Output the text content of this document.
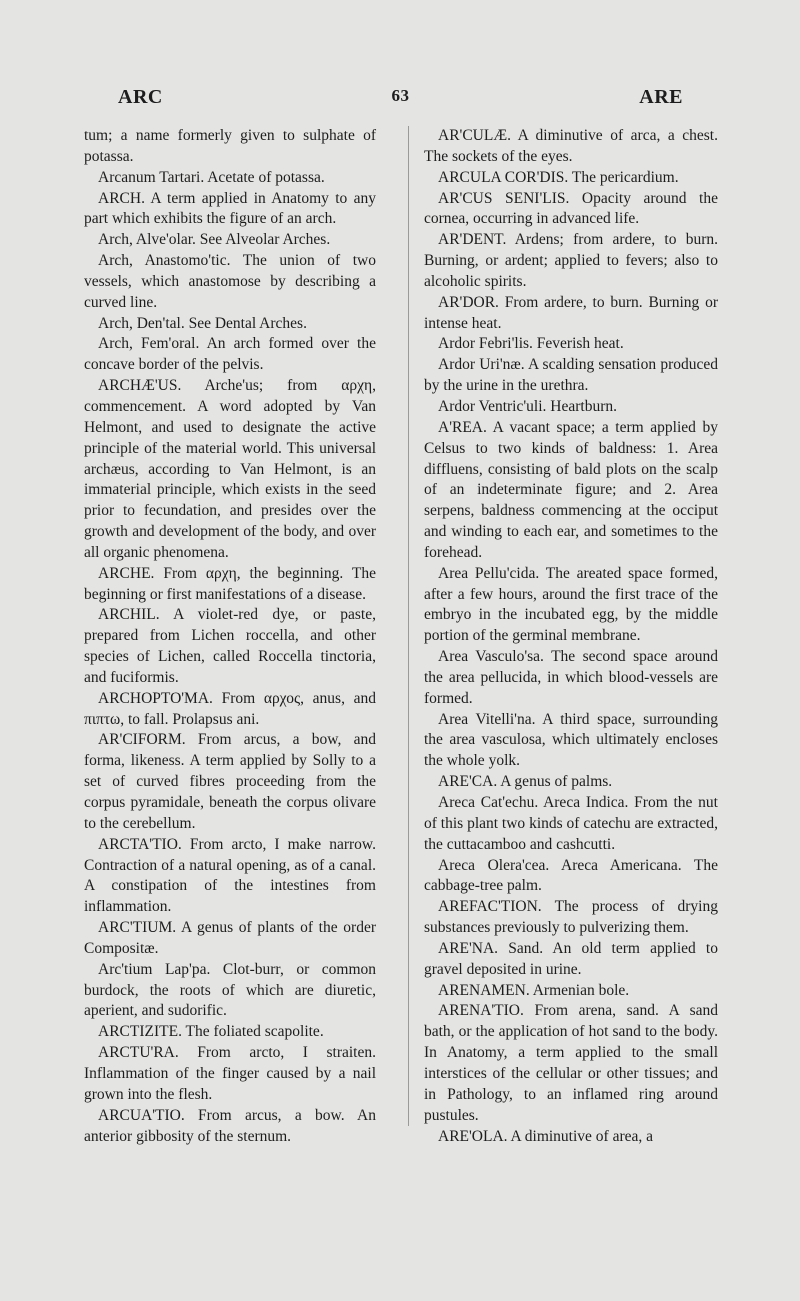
ARC	63	ARE

tum; a name formerly given to sulphate of potassa.

Arcanum Tartari. Acetate of potassa.

ARCH. A term applied in Anatomy to any part which exhibits the figure of an arch.

Arch, Alve'olar. See Alveolar Arches.

Arch, Anastomo'tic. The union of two vessels, which anastomose by describing a curved line.

Arch, Den'tal. See Dental Arches.

Arch, Fem'oral. An arch formed over the concave border of the pelvis.

ARCHÆ'US. Arche'us; from αρχη, commencement. A word adopted by Van Helmont, and used to designate the active principle of the material world. This universal archæus, according to Van Helmont, is an immaterial principle, which exists in the seed prior to fecundation, and presides over the growth and development of the body, and over all organic phenomena.

ARCHE. From αρχη, the beginning. The beginning or first manifestations of a disease.

ARCHIL. A violet-red dye, or paste, prepared from Lichen roccella, and other species of Lichen, called Roccella tinctoria, and fuciformis.

ARCHOPTO'MA. From αρχος, anus, and πιπτω, to fall. Prolapsus ani.

AR'CIFORM. From arcus, a bow, and forma, likeness. A term applied by Solly to a set of curved fibres proceeding from the corpus pyramidale, beneath the corpus olivare to the cerebellum.

ARCTA'TIO. From arcto, I make narrow. Contraction of a natural opening, as of a canal. A constipation of the intestines from inflammation.

ARC'TIUM. A genus of plants of the order Compositæ.

Arc'tium Lap'pa. Clot-burr, or common burdock, the roots of which are diuretic, aperient, and sudorific.

ARCTIZITE. The foliated scapolite.

ARCTU'RA. From arcto, I straiten. Inflammation of the finger caused by a nail grown into the flesh.

ARCUA'TIO. From arcus, a bow. An anterior gibbosity of the sternum.

AR'CULÆ. A diminutive of arca, a chest. The sockets of the eyes.

ARCULA COR'DIS. The pericardium.

AR'CUS SENI'LIS. Opacity around the cornea, occurring in advanced life.

AR'DENT. Ardens; from ardere, to burn. Burning, or ardent; applied to fevers; also to alcoholic spirits.

AR'DOR. From ardere, to burn. Burning or intense heat.

Ardor Febri'lis. Feverish heat.

Ardor Uri'næ. A scalding sensation produced by the urine in the urethra.

Ardor Ventric'uli. Heartburn.

A'REA. A vacant space; a term applied by Celsus to two kinds of baldness: 1. Area diffluens, consisting of bald plots on the scalp of an indeterminate figure; and 2. Area serpens, baldness commencing at the occiput and winding to each ear, and sometimes to the forehead.

Area Pellu'cida. The areated space formed, after a few hours, around the first trace of the embryo in the incubated egg, by the middle portion of the germinal membrane.

Area Vasculo'sa. The second space around the area pellucida, in which blood-vessels are formed.

Area Vitelli'na. A third space, surrounding the area vasculosa, which ultimately encloses the whole yolk.

ARE'CA. A genus of palms.

Areca Cat'echu. Areca Indica. From the nut of this plant two kinds of catechu are extracted, the cuttacamboo and cashcutti.

Areca Olera'cea. Areca Americana. The cabbage-tree palm.

AREFAC'TION. The process of drying substances previously to pulverizing them.

ARE'NA. Sand. An old term applied to gravel deposited in urine.

ARENAMEN. Armenian bole.

ARENA'TIO. From arena, sand. A sand bath, or the application of hot sand to the body. In Anatomy, a term applied to the small interstices of the cellular or other tissues; and in Pathology, to an inflamed ring around pustules.

ARE'OLA. A diminutive of area, a
